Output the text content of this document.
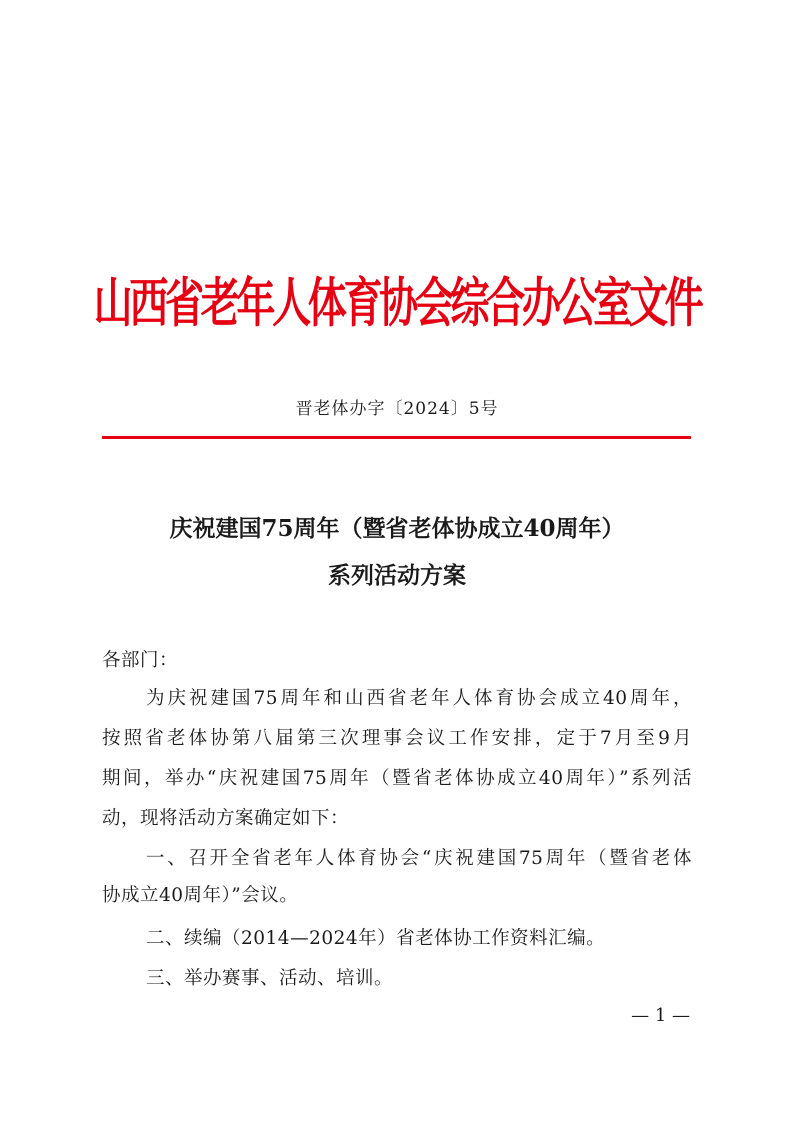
山西省老年人体育协会综合办公室文件
晋老体办字〔2024〕5号
庆祝建国75周年（暨省老体协成立40周年）
系列活动方案
各部门：
为庆祝建国75周年和山西省老年人体育协会成立40周年，
按照省老体协第八届第三次理事会议工作安排，定于7月至9月
期间，举办“庆祝建国75周年（暨省老体协成立40周年）”系列活
动，现将活动方案确定如下：
一、召开全省老年人体育协会“庆祝建国75周年（暨省老体
协成立40周年）”会议。
二、续编（2014—2024年）省老体协工作资料汇编。
三、举办赛事、活动、培训。
— 1 —
